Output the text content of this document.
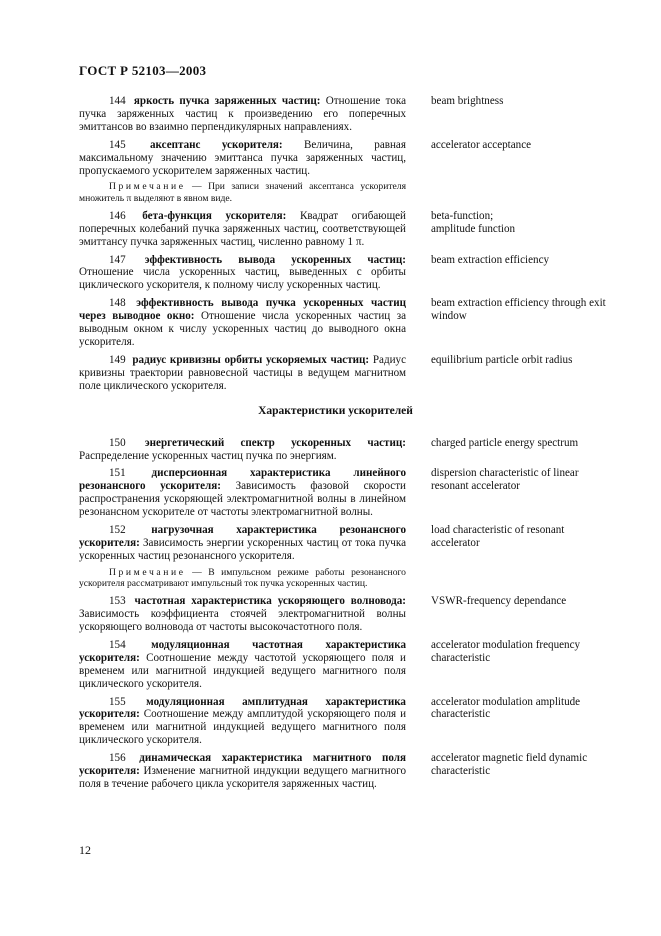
ГОСТ Р 52103—2003
144 яркость пучка заряженных частиц: Отношение тока пучка заряженных частиц к произведению его поперечных эмиттансов во взаимно перпендикулярных направлениях.
beam brightness
145 аксептанс ускорителя: Величина, равная максимальному значению эмиттанса пучка заряженных частиц, пропускаемого ускорителем заряженных частиц.
accelerator acceptance
Примечание — При записи значений аксептанса ускорителя множитель π выделяют в явном виде.
146 бета-функция ускорителя: Квадрат огибающей поперечных колебаний пучка заряженных частиц, соответствующей эмиттансу пучка заряженных частиц, численно равному 1 π.
beta-function;
amplitude function
147 эффективность вывода ускоренных частиц: Отношение числа ускоренных частиц, выведенных с орбиты циклического ускорителя, к полному числу ускоренных частиц.
beam extraction efficiency
148 эффективность вывода пучка ускоренных частиц через выводное окно: Отношение числа ускоренных частиц за выводным окном к числу ускоренных частиц до выводного окна ускорителя.
beam extraction efficiency through exit window
149 радиус кривизны орбиты ускоряемых частиц: Радиус кривизны траектории равновесной частицы в ведущем магнитном поле циклического ускорителя.
equilibrium particle orbit radius
Характеристики ускорителей
150 энергетический спектр ускоренных частиц: Распределение ускоренных частиц пучка по энергиям.
charged particle energy spectrum
151 дисперсионная характеристика линейного резонансного ускорителя: Зависимость фазовой скорости распространения ускоряющей электромагнитной волны в линейном резонансном ускорителе от частоты электромагнитной волны.
dispersion characteristic of linear resonant accelerator
152 нагрузочная характеристика резонансного ускорителя: Зависимость энергии ускоренных частиц от тока пучка ускоренных частиц резонансного ускорителя.
load characteristic of resonant accelerator
Примечание — В импульсном режиме работы резонансного ускорителя рассматривают импульсный ток пучка ускоренных частиц.
153 частотная характеристика ускоряющего волновода: Зависимость коэффициента стоячей электромагнитной волны ускоряющего волновода от частоты высокочастотного поля.
VSWR-frequency dependance
154 модуляционная частотная характеристика ускорителя: Соотношение между частотой ускоряющего поля и временем или магнитной индукцией ведущего магнитного поля циклического ускорителя.
accelerator modulation frequency characteristic
155 модуляционная амплитудная характеристика ускорителя: Соотношение между амплитудой ускоряющего поля и временем или магнитной индукцией ведущего магнитного поля циклического ускорителя.
accelerator modulation amplitude characteristic
156 динамическая характеристика магнитного поля ускорителя: Изменение магнитной индукции ведущего магнитного поля в течение рабочего цикла ускорителя заряженных частиц.
accelerator magnetic field dynamic characteristic
12
